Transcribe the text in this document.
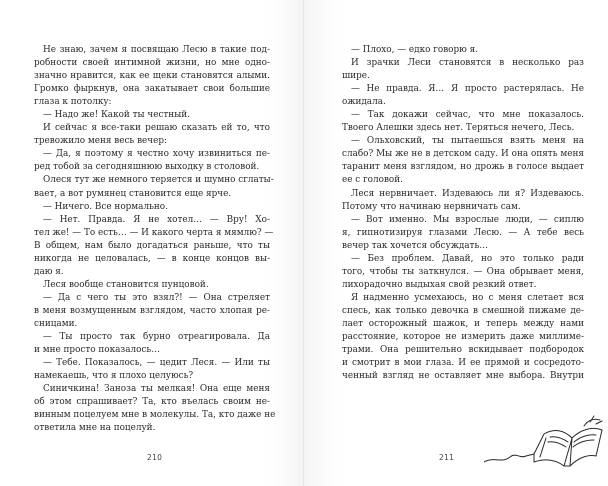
Не знаю, зачем я посвящаю Лесю в такие под-
робности своей интимной жизни, но мне одно-
значно нравится, как ее щеки становятся алыми.
Громко фыркнув, она закатывает свои большие
глаза к потолку:
— Надо же! Какой ты честный.
И сейчас я все-таки решаю сказать ей то, что
тревожило меня весь вечер:
— Да, я поэтому я честно хочу извиниться пе-
ред тобой за сегодняшнюю выходку в столовой.
Олеся тут же немного теряется и шумно сглаты-
вает, а вот румянец становится еще ярче.
— Ничего. Все нормально.
— Нет. Правда. Я не хотел… — Вру! Хо-
тел же! — То есть… — И какого черта я мямлю? —
В общем, нам было догадаться раньше, что ты
никогда не целовалась, — в конце концов вы-
даю я.
Леся вообще становится пунцовой.
— Да с чего ты это взял?! — Она стреляет
в меня возмущенным взглядом, часто хлопая ре-
сницами.
— Ты просто так бурно отреагировала. Да
и мне просто показалось…
— Тебе. Показалось, — цедит Леся. — Или ты
намекаешь, что я плохо целуюсь?
Синичкина! Заноза ты мелкая! Она еще меня
об этом спрашивает? Та, кто въелась своим не-
винным поцелуем мне в молекулы. Та, кто даже не
ответила мне на поцелуй.
210
— Плохо, — едко говорю я.
И зрачки Леси становятся в несколько раз
шире.
— Не правда. Я… Я просто растерялась. Не
ожидала.
— Так докажи сейчас, что мне показалось.
Твоего Алешки здесь нет. Теряться нечего, Лесь.
— Ольховский, ты пытаешься взять меня на
слабо? Мы же не в детском саду. И она опять меня
таранит меня взглядом, но дрожь в голосе выдает
ее с головой.
Леся нервничает. Издеваюсь ли я? Издеваюсь.
Потому что начинаю нервничать сам.
— Вот именно. Мы взрослые люди, — сиплю
я, гипнотизируя глазами Лесю. — А тебе весь
вечер так хочется обсуждать…
— Без проблем. Давай, но это только ради
того, чтобы ты заткнулся. — Она обрывает меня,
лихорадочно выдыхая свой резкий ответ.
Я надменно усмехаюсь, но с меня слетает вся
спесь, как только девочка в смешной пижаме де-
лает осторожный шажок, и теперь между нами
расстояние, которое не измерить даже миллиме-
трами. Она решительно вскидывает подбородок
и смотрит в мои глаза. И ее прямой и сосредото-
ченный взгляд не оставляет мне выбора. Внутри
211
